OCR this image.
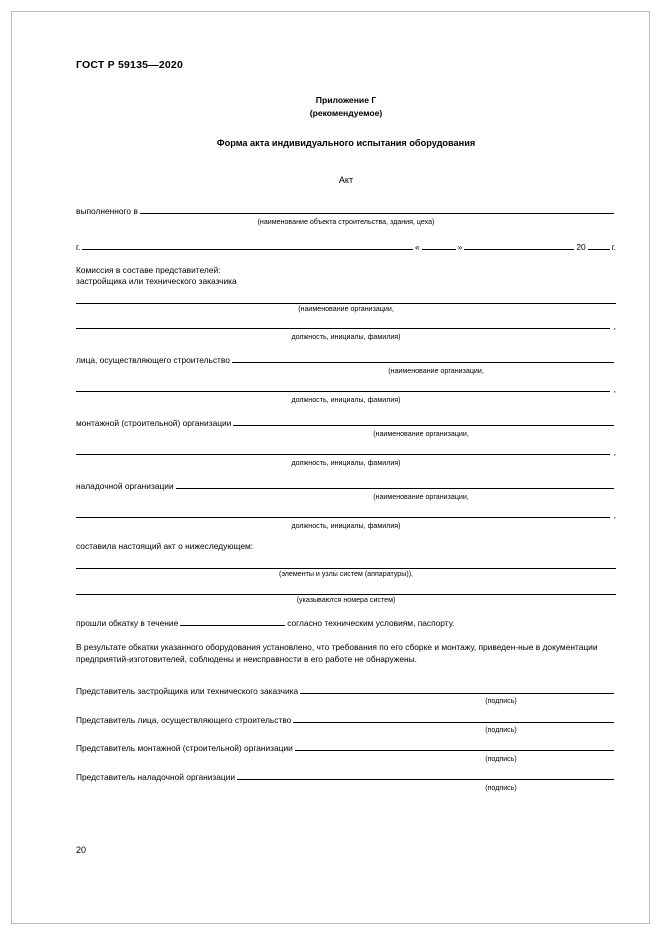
ГОСТ Р 59135—2020
Приложение Г
(рекомендуемое)
Форма акта индивидуального испытания оборудования
Акт
выполненного в
(наименование объекта строительства, здания, цеха)
г.	«	»	20	г.
Комиссия в составе представителей:
застройщика или технического заказчика
(наименование организации,
,
должность, инициалы, фамилия)
лица, осуществляющего строительство
(наименование организации,
,
должность, инициалы, фамилия)
монтажной (строительной) организации
(наименование организации,
,
должность, инициалы, фамилия)
наладочной организации
(наименование организации,
,
должность, инициалы, фамилия)
составила настоящий акт о нижеследующем:
(элементы и узлы систем (аппаратуры)),
(указываются номера систем)
прошли обкатку в течение	согласно техническим условиям, паспорту.
В результате обкатки указанного оборудования установлено, что требования по его сборке и монтажу, приведен-ные в документации предприятий-изготовителей, соблюдены и неисправности в его работе не обнаружены.
Представитель застройщика или технического заказчика
(подпись)
Представитель лица, осуществляющего строительство
(подпись)
Представитель монтажной (строительной) организации
(подпись)
Представитель наладочной организации
(подпись)
20
